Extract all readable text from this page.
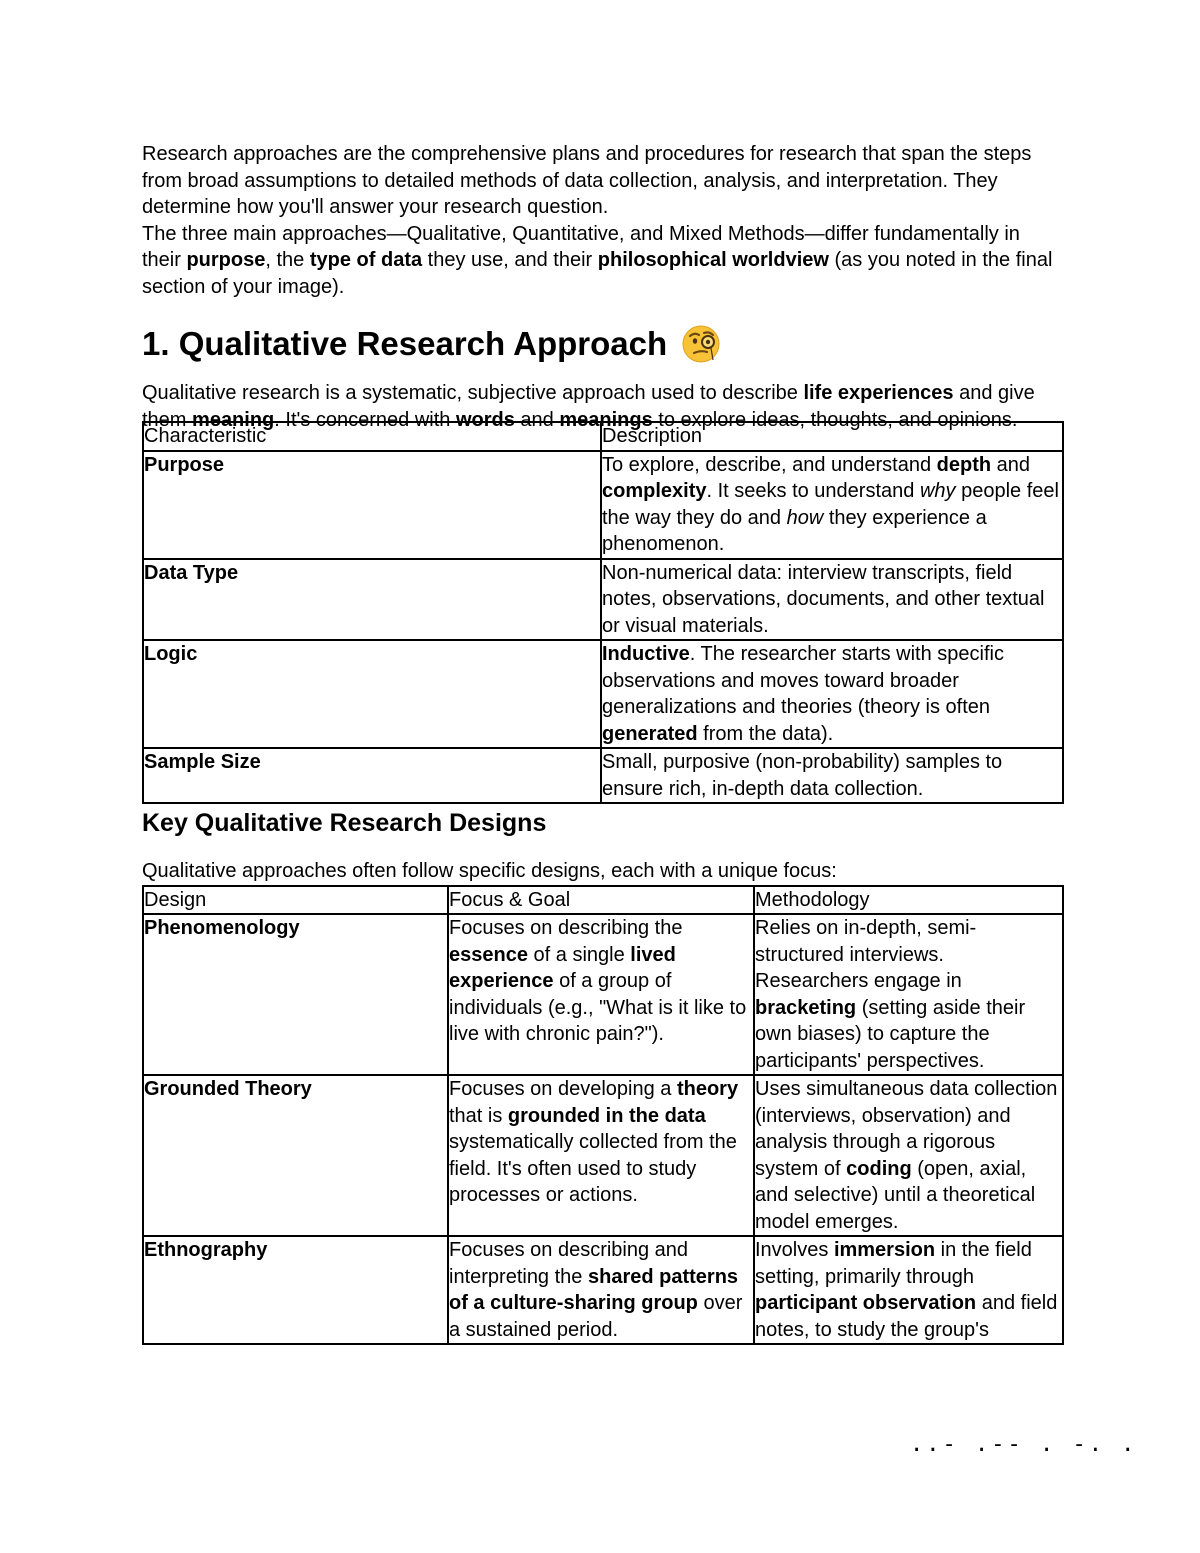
Research approaches are the comprehensive plans and procedures for research that span the steps from broad assumptions to detailed methods of data collection, analysis, and interpretation. They determine how you'll answer your research question.

The three main approaches—Qualitative, Quantitative, and Mixed Methods—differ fundamentally in their purpose, the type of data they use, and their philosophical worldview (as you noted in the final section of your image).

1. Qualitative Research Approach

Qualitative research is a systematic, subjective approach used to describe life experiences and give them meaning. It's concerned with words and meanings to explore ideas, thoughts, and opinions.

Characteristic	Description
Purpose	To explore, describe, and understand depth and complexity. It seeks to understand why people feel the way they do and how they experience a phenomenon.
Data Type	Non-numerical data: interview transcripts, field notes, observations, documents, and other textual or visual materials.
Logic	Inductive. The researcher starts with specific observations and moves toward broader generalizations and theories (theory is often generated from the data).
Sample Size	Small, purposive (non-probability) samples to ensure rich, in-depth data collection.
Key Qualitative Research Designs

Qualitative approaches often follow specific designs, each with a unique focus:

Design	Focus & Goal	Methodology
Phenomenology	Focuses on describing the essence of a single lived experience of a group of individuals (e.g., "What is it like to live with chronic pain?").	Relies on in-depth, semi-structured interviews. Researchers engage in bracketing (setting aside their own biases) to capture the participants' perspectives.
Grounded Theory	Focuses on developing a theory that is grounded in the data systematically collected from the field. It's often used to study processes or actions.	Uses simultaneous data collection (interviews, observation) and analysis through a rigorous system of coding (open, axial, and selective) until a theoretical model emerges.
Ethnography	Focuses on describing and interpreting the shared patterns of a culture-sharing group over a sustained period.	Involves immersion in the field setting, primarily through participant observation and field notes, to study the group's
..- .-- . -. .
